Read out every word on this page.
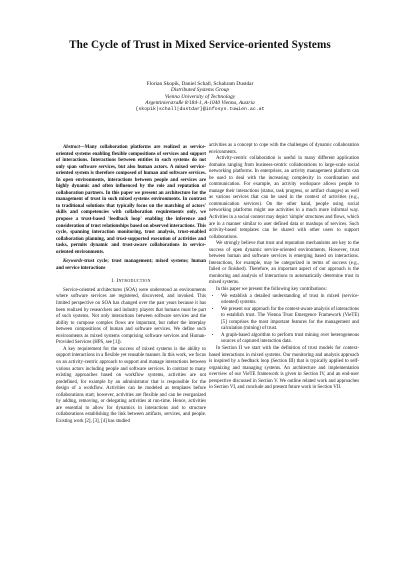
The Cycle of Trust in Mixed Service-oriented Systems
Florian Skopik, Daniel Schall, Schahram Dustdar
Distributed Systems Group
Vienna University of Technology
Argentinierstraße 8/184-1, A-1040 Vienna, Austria
{skopik|schall|dustdar}@infosys.tuwien.ac.at

Abstract—Many collaboration platforms are realized as service-oriented systems enabling flexible compositions of services and support of interactions. Interactions between entities in such systems do not only span software services, but also human actors. A mixed service-oriented system is therefore composed of human and software services. In open environments, interactions between people and services are highly dynamic and often influenced by the role and reputation of collaboration partners. In this paper we present an architecture for the management of trust in such mixed systems environments. In contrast to traditional solutions that typically focus on the matching of actors' skills and competencies with collaboration requirements only, we propose a trust-based 'feedback loop' enabling the inference and consideration of trust relationships based on observed interactions. This cycle, spanning interaction monitoring, trust analysis, trust-enabled collaboration planning, and trust-supported execution of activities and tasks, permits dynamic and trust-aware collaborations in service-oriented environments.

Keywords-trust cycle; trust management; mixed systems; human and service interactions

I. Introduction

Service-oriented architectures (SOA) were understood as environments where software services are registered, discovered, and invoked. This limited perspective on SOA has changed over the past years because it has been realized by researchers and industry players that humans must be part of such systems. Not only interactions between software services and the ability to compose complex flows are important, but rather the interplay between compositions of human and software services. We define such environments as mixed systems comprising software services and Human-Provided Services (HPS, see [1]).

A key requirement for the success of mixed systems is the ability to support interactions in a flexible yet reusable manner. In this work, we focus on an activity-centric approach to support and manage interactions between various actors including people and software services. In contrast to many existing approaches based on workflow systems, activities are not predefined, for example by an administrator that is responsible for the design of a workflow. Activities can be modeled as templates before collaborations start; however, activities are flexible and can be reorganized by adding, removing, or delegating activities at run-time. Hence, activities are essential to allow for dynamics in interactions and to structure collaborations establishing the link between artifacts, services, and people. Existing work [2], [3], [4] has studied

activities as a concept to cope with the challenges of dynamic collaboration environments.

Activity-centric collaboration is useful in many different application domains ranging from business-centric collaborations to large-scale social networking platforms. In enterprises, an activity management platform can be used to deal with the increasing complexity in coordination and communication. For example, an activity workspace allows people to manage their interactions (status, task progress, or artifact changes) as well as various services that can be used in the context of activities (e.g., communication services). On the other hand, people using social networking platforms might use activities in a much more informal way. Activities in a social context may depict 'simple' structures and flows, which are in a manner similar to user defined data or mashups of services. Such activity-based templates can be shared with other users to support collaborations.

We strongly believe that trust and reputation mechanisms are key to the success of open dynamic service-oriented environments. However, trust between human and software services is emerging based on interactions. Interactions, for example, may be categorized in terms of success (e.g., failed or finished). Therefore, an important aspect of our approach is the monitoring and analysis of interactions to automatically determine trust in mixed systems.

In this paper we present the following key contributions:

• We establish a detailed understanding of trust in mixed (service-oriented) systems.
• We present our approach for the context-aware analysis of interactions to establish trust. The Vienna Trust Emergence Framework (VieTE) [5] comprises the most important features for the management and calculation (mining) of trust.
• A graph-based algorithm to perform trust mining over heterogeneous sources of captured interaction data.

In Section II we start with the definition of trust models for context-based interactions in mixed systems. Our monitoring and analysis approach is inspired by a feedback loop (Section III) that is typically applied to self-organizing and managing systems. An architecture and implementation overview of our VieTE framework is given in Section IV, and an end-user perspective discussed in Section V. We outline related work and approaches in Section VI, and conclude and present future work in Section VII.
